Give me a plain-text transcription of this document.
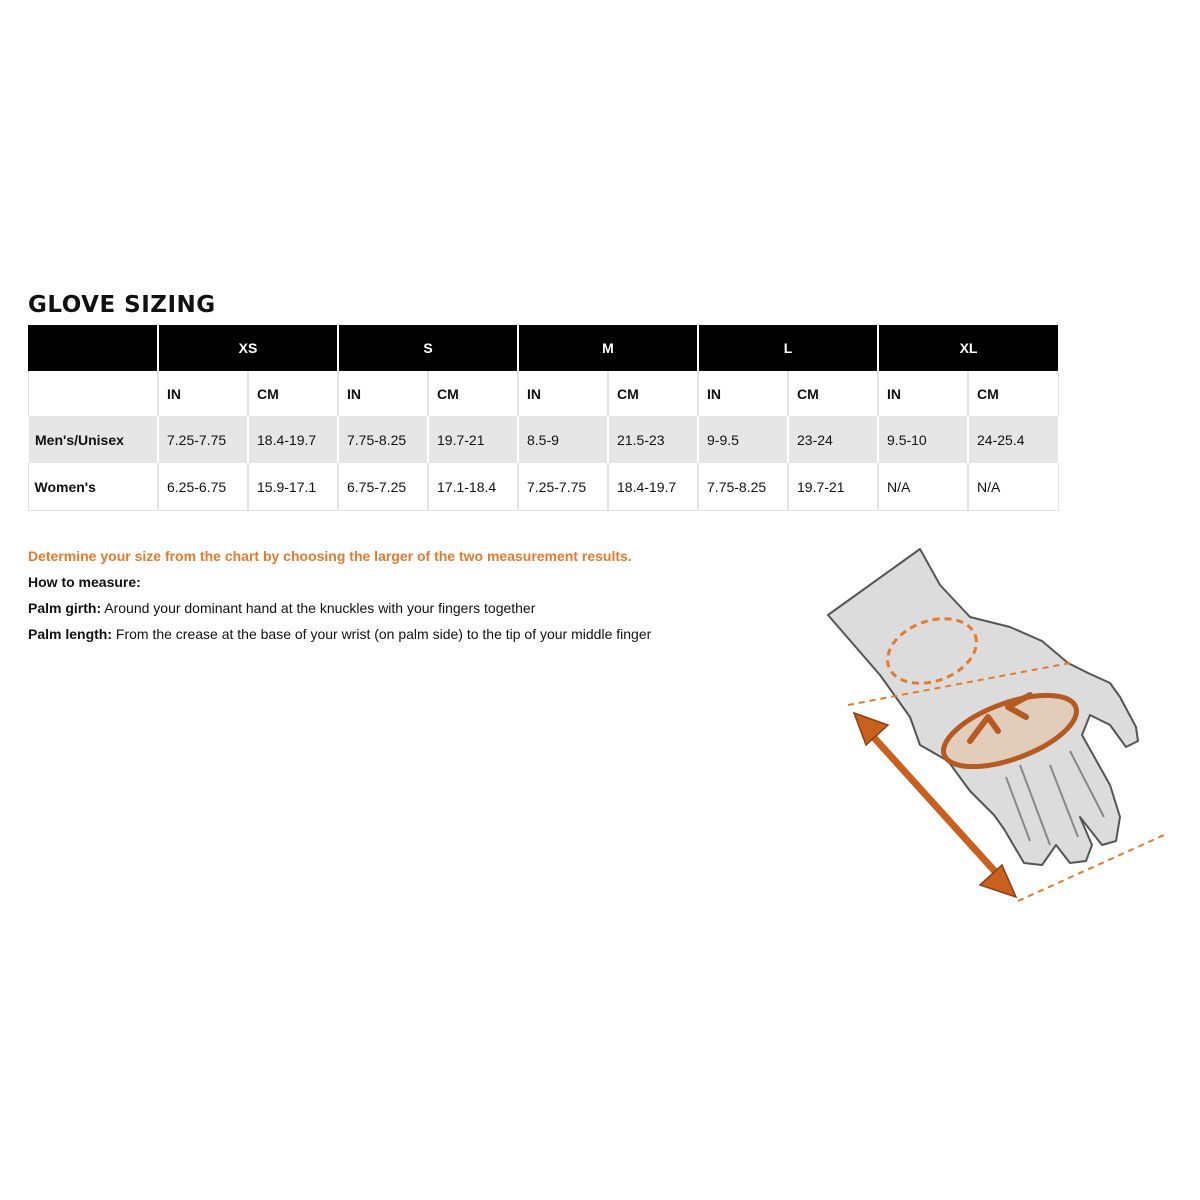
GLOVE SIZING
	XS		S		M		L		XL	
	IN	CM	IN	CM	IN	CM	IN	CM	IN	CM
Men's/Unisex	7.25-7.75	18.4-19.7	7.75-8.25	19.7-21	8.5-9	21.5-23	9-9.5	23-24	9.5-10	24-25.4
Women's	6.25-6.75	15.9-17.1	6.75-7.25	17.1-18.4	7.25-7.75	18.4-19.7	7.75-8.25	19.7-21	N/A	N/A

Determine your size from the chart by choosing the larger of the two measurement results.

How to measure:

Palm girth: Around your dominant hand at the knuckles with your fingers together

Palm length: From the crease at the base of your wrist (on palm side) to the tip of your middle finger
